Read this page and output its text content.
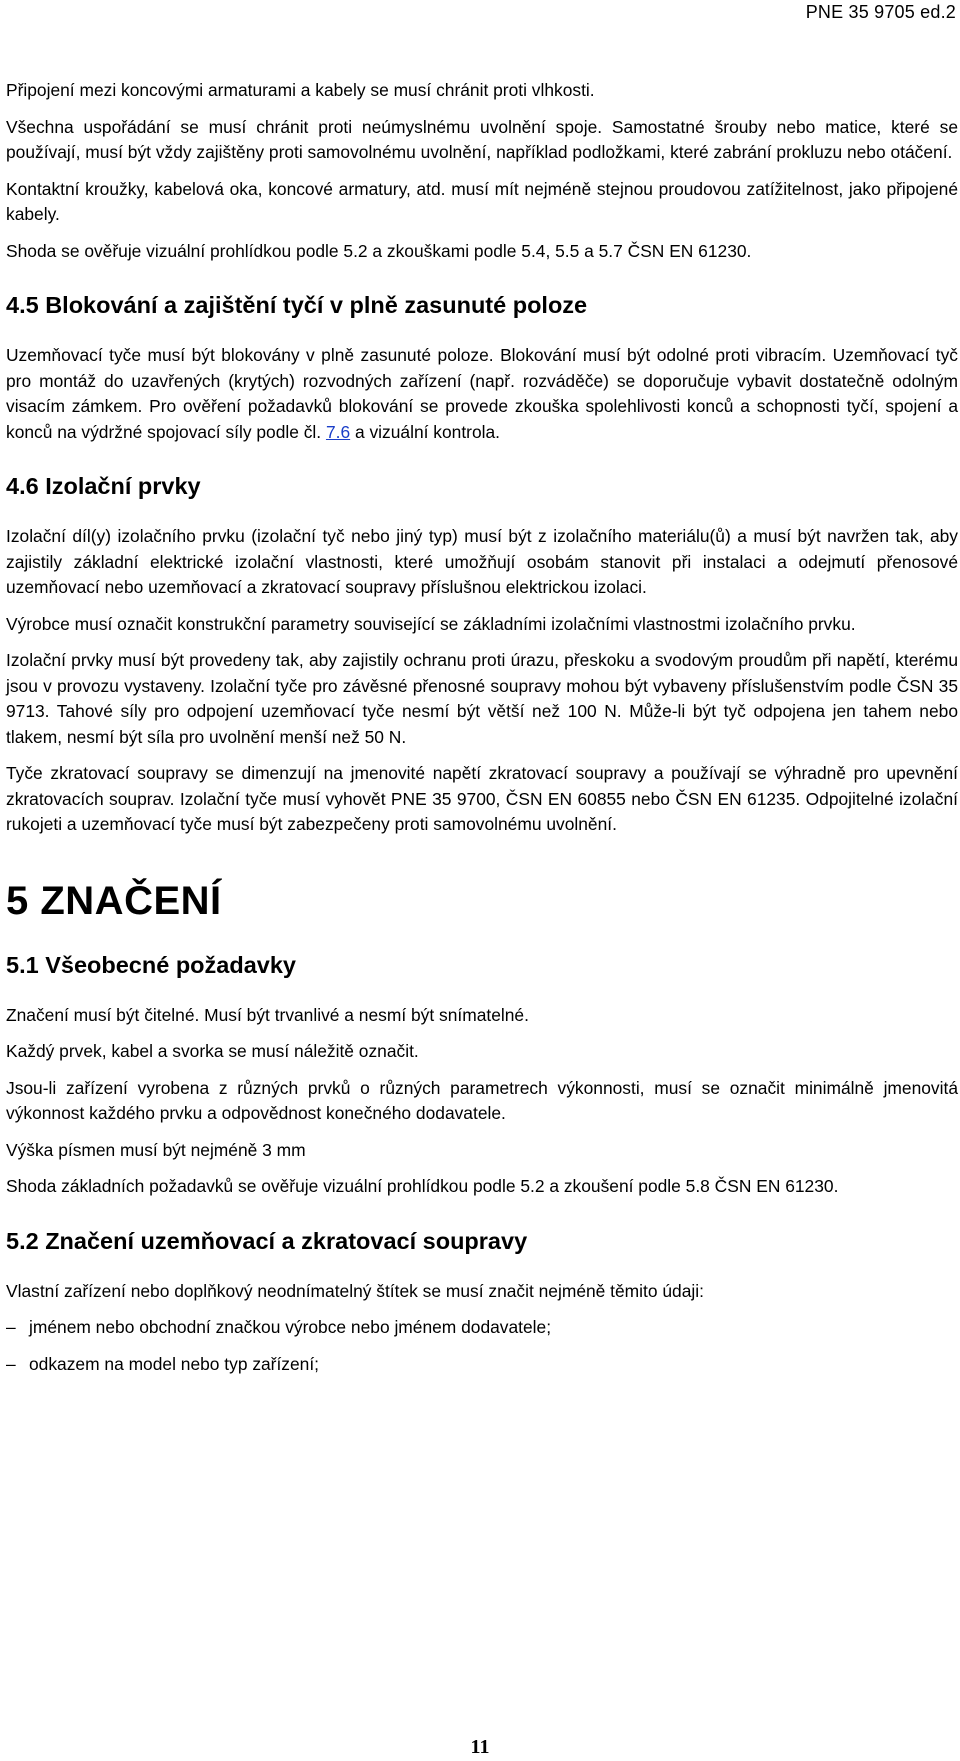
PNE 35 9705 ed.2

Připojení mezi koncovými armaturami a kabely se musí chránit proti vlhkosti.

Všechna uspořádání se musí chránit proti neúmyslnému uvolnění spoje. Samostatné šrouby nebo matice, které se používají, musí být vždy zajištěny proti samovolnému uvolnění, například podložkami, které zabrání prokluzu nebo otáčení.

Kontaktní kroužky, kabelová oka, koncové armatury, atd. musí mít nejméně stejnou proudovou zatížitelnost, jako připojené kabely.

Shoda se ověřuje vizuální prohlídkou podle 5.2 a zkouškami podle 5.4, 5.5 a 5.7 ČSN EN 61230.

4.5 Blokování a zajištění tyčí v plně zasunuté poloze

Uzemňovací tyče musí být blokovány v plně zasunuté poloze. Blokování musí být odolné proti vibracím. Uzemňovací tyč pro montáž do uzavřených (krytých) rozvodných zařízení (např. rozváděče) se doporučuje vybavit dostatečně odolným visacím zámkem. Pro ověření požadavků blokování se provede zkouška spolehlivosti konců a schopnosti tyčí, spojení a konců na výdržné spojovací síly podle čl. 7.6 a vizuální kontrola.

4.6 Izolační prvky

Izolační díl(y) izolačního prvku (izolační tyč nebo jiný typ) musí být z izolačního materiálu(ů) a musí být navržen tak, aby zajistily základní elektrické izolační vlastnosti, které umožňují osobám stanovit při instalaci a odejmutí přenosové uzemňovací nebo uzemňovací a zkratovací soupravy příslušnou elektrickou izolaci.

Výrobce musí označit konstrukční parametry související se základními izolačními vlastnostmi izolačního prvku.

Izolační prvky musí být provedeny tak, aby zajistily ochranu proti úrazu, přeskoku a svodovým proudům při napětí, kterému jsou v provozu vystaveny. Izolační tyče pro závěsné přenosné soupravy mohou být vybaveny příslušenstvím podle ČSN 35 9713. Tahové síly pro odpojení uzemňovací tyče nesmí být větší než 100 N. Může-li být tyč odpojena jen tahem nebo tlakem, nesmí být síla pro uvolnění menší než 50 N.

Tyče zkratovací soupravy se dimenzují na jmenovité napětí zkratovací soupravy a používají se výhradně pro upevnění zkratovacích souprav. Izolační tyče musí vyhovět PNE 35 9700, ČSN EN 60855 nebo ČSN EN 61235. Odpojitelné izolační rukojeti a uzemňovací tyče musí být zabezpečeny proti samovolnému uvolnění.

5 ZNAČENÍ
5.1 Všeobecné požadavky

Značení musí být čitelné. Musí být trvanlivé a nesmí být snímatelné.

Každý prvek, kabel a svorka se musí náležitě označit.

Jsou-li zařízení vyrobena z různých prvků o různých parametrech výkonnosti, musí se označit minimálně jmenovitá výkonnost každého prvku a odpovědnost konečného dodavatele.

Výška písmen musí být nejméně 3 mm

Shoda základních požadavků se ověřuje vizuální prohlídkou podle 5.2 a zkoušení podle 5.8 ČSN EN 61230.

5.2 Značení uzemňovací a zkratovací soupravy

Vlastní zařízení nebo doplňkový neodnímatelný štítek se musí značit nejméně těmito údaji:

– jménem nebo obchodní značkou výrobce nebo jménem dodavatele;
– odkazem na model nebo typ zařízení;
11
